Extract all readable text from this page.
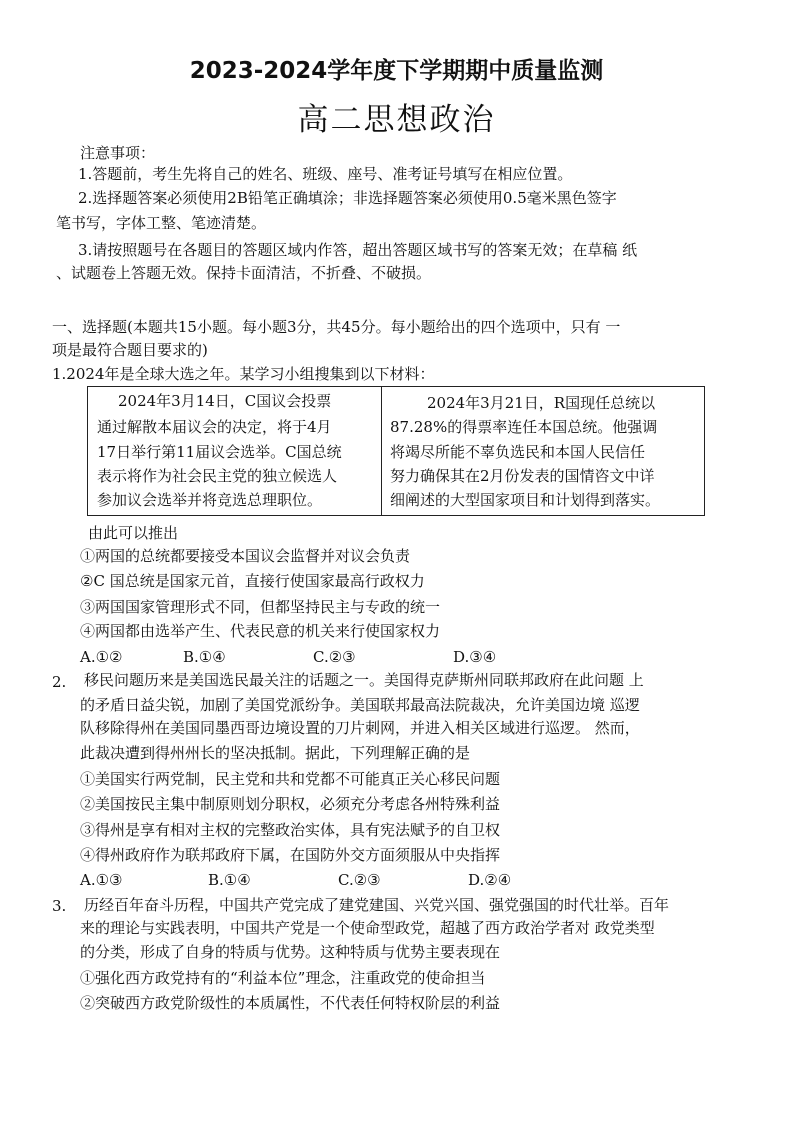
2023-2024学年度下学期期中质量监测
高二思想政治
注意事项：
1.答题前，考生先将自己的姓名、班级、座号、准考证号填写在相应位置。
2.选择题答案必须使用2B铅笔正确填涂；非选择题答案必须使用0.5毫米黑色签字
笔书写，字体工整、笔迹清楚。
3.请按照题号在各题目的答题区域内作答，超出答题区域书写的答案无效；在草稿 纸
、试题卷上答题无效。保持卡面清洁，不折叠、不破损。
一、选择题(本题共15小题。每小题3分，共45分。每小题给出的四个选项中，只有 一
项是最符合题目要求的)
1.2024年是全球大选之年。某学习小组搜集到以下材料：
2024年3月14日，C国议会投票
通过解散本届议会的决定，将于4月
17日举行第11届议会选举。C国总统
表示将作为社会民主党的独立候选人
参加议会选举并将竞选总理职位。
2024年3月21日，R国现任总统以
87.28%的得票率连任本国总统。他强调
将竭尽所能不辜负选民和本国人民信任
努力确保其在2月份发表的国情咨文中详
细阐述的大型国家项目和计划得到落实。
由此可以推出
①两国的总统都要接受本国议会监督并对议会负责
②C 国总统是国家元首，直接行使国家最高行政权力
③两国国家管理形式不同，但都坚持民主与专政的统一
④两国都由选举产生、代表民意的机关来行使国家权力
A.①②	B.①④	C.②③	D.③④
2. 移民问题历来是美国选民最关注的话题之一。美国得克萨斯州同联邦政府在此问题 上
的矛盾日益尖锐，加剧了美国党派纷争。美国联邦最高法院裁决，允许美国边境 巡逻
队移除得州在美国同墨西哥边境设置的刀片刺网，并进入相关区域进行巡逻。 然而，
此裁决遭到得州州长的坚决抵制。据此，下列理解正确的是
①美国实行两党制，民主党和共和党都不可能真正关心移民问题
②美国按民主集中制原则划分职权，必须充分考虑各州特殊利益
③得州是享有相对主权的完整政治实体，具有宪法赋予的自卫权
④得州政府作为联邦政府下属，在国防外交方面须服从中央指挥
A.①③	B.①④	C.②③	D.②④
3. 历经百年奋斗历程，中国共产党完成了建党建国、兴党兴国、强党强国的时代壮举。百年
来的理论与实践表明，中国共产党是一个使命型政党，超越了西方政治学者对 政党类型
的分类，形成了自身的特质与优势。这种特质与优势主要表现在
①强化西方政党持有的“利益本位”理念，注重政党的使命担当
②突破西方政党阶级性的本质属性，不代表任何特权阶层的利益
